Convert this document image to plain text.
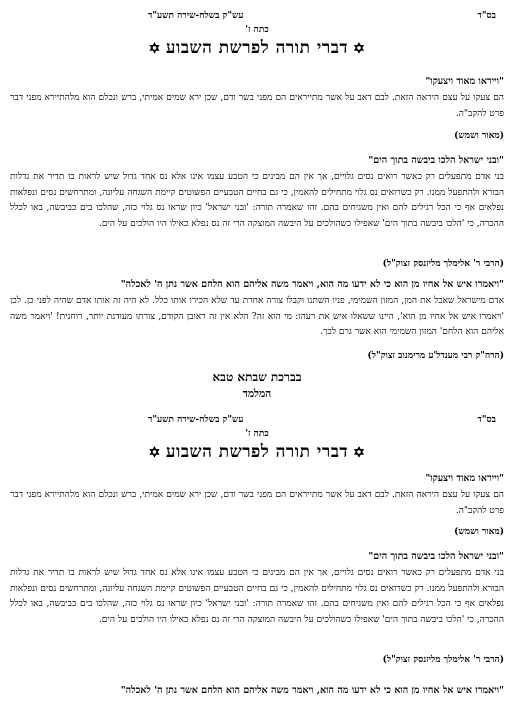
בס"ד
עש"ק בשלח-שירה תשע"ד
כתה ז'
✡דברי תורה לפרשת השבוע✡
"וייראו מאוד ויצעקו"
הם צעקו על עצם היראה הזאת. לבם דאב על אשר מתייראים הם מפני בשר ודם, שכן ירא שמים אמיתי, ברש ונכלם הוא מלהתיירא מפני דבר פרט להקב"ה.
(מאור ושמש)
"ובני ישראל הלכו ביבשה בתוך הים"
בני אדם מתפעלים רק כאשר רואים נסים גלויים, אך אין הם מבינים כי הטבע עצמו אינו אלא נס אחד גדול שיש לראות בו תדיר את גדלות הבורא ולהתפעל ממנו. רק כשרואים נס גלוי מתחילים להאמין, כי גם בחיים הטבעיים הפשוטים קיימת השגחה עליונה, ומתרחשים נסים ונפלאות נפלאים אף כי הכל רגילים להם ואין משגיחים בהם. זהו שאמרה תורה: 'ובני ישראל' כיון שראו נס גלוי כזה, שהלכו בים כביבשה, באו לכלל ההכרה, כי 'הלכו ביבשה בתוך הים' שאפילו כשהולכים על היבשה המוצקה הרי זה נס נפלא כאילו היו הולכים על הים.
(הרבי ר' אלימלך מליזנסק זצוק"ל)
"ויאמרו איש אל אחיו מן הוא כי לא ידעו מה הוא, ויאמר משה אליהם הוא הלחם אשר נתן ה' לאכלה"
אדם מישראל שאכל את המן, המזון השמימי, פניו השתנו וקבלו צורה אחרת עד שלא הכירו אותו כלל. לא היה זה אותו אדם שהיה לפני כן. לכן 'ויאמרו איש אל אחיו מן הוא', היינו ששאלו איש את רעהו: מי הוא זה? הלא אין זה ראובן הקודם, צורתו מעודנת יותר, רוחנית! 'ויאמר משה אליהם הוא הלחם' המזון השמימי הוא אשר גרם לכך.
(הרה"ק רבי מענדל'ע מרימנוב זצוק"ל)
בברכת שבתא טבא
המלמד
בס"ד
עש"ק בשלח-שירה תשע"ד
כתה ז'
✡דברי תורה לפרשת השבוע✡
"וייראו מאוד ויצעקו"
הם צעקו על עצם היראה הזאת. לבם דאב על אשר מתייראים הם מפני בשר ודם, שכן ירא שמים אמיתי, ברש ונכלם הוא מלהתיירא מפני דבר פרט להקב"ה.
(מאור ושמש)
"ובני ישראל הלכו ביבשה בתוך הים"
בני אדם מתפעלים רק כאשר רואים נסים גלויים, אך אין הם מבינים כי הטבע עצמו אינו אלא נס אחד גדול שיש לראות בו תדיר את גדלות הבורא ולהתפעל ממנו. רק כשרואים נס גלוי מתחילים להאמין, כי גם בחיים הטבעיים הפשוטים קיימת השגחה עליונה, ומתרחשים נסים ונפלאות נפלאים אף כי הכל רגילים להם ואין משגיחים בהם. זהו שאמרה תורה: 'ובני ישראל' כיון שראו נס גלוי כזה, שהלכו בים כביבשה, באו לכלל ההכרה, כי 'הלכו ביבשה בתוך הים' שאפילו כשהולכים על היבשה המוצקה הרי זה נס נפלא כאילו היו הולכים על הים.
(הרבי ר' אלימלך מליזנסק זצוק"ל)
"ויאמרו איש אל אחיו מן הוא כי לא ידעו מה הוא, ויאמר משה אליהם הוא הלחם אשר נתן ה' לאכלה"
